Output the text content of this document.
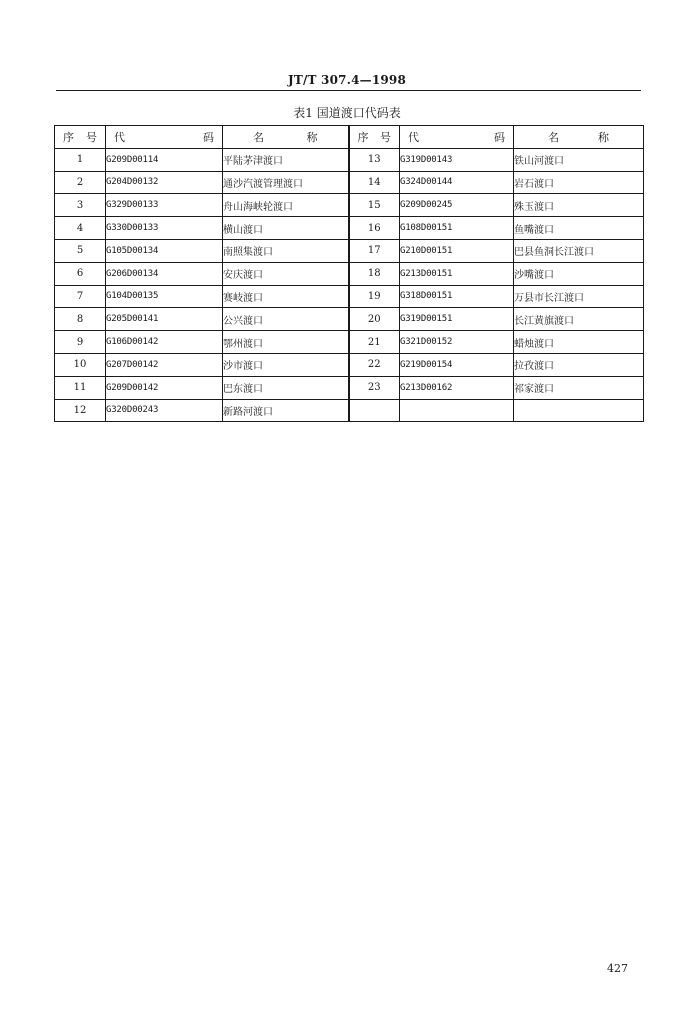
JT/T 307.4—1998
表1 国道渡口代码表
序 号	代 码	名 称	序 号	代 码	名 称

1	G209D00114	平陆茅津渡口	13	G319D00143	铁山河渡口
2	G204D00132	通沙汽渡管理渡口	14	G324D00144	岩石渡口
3	G329D00133	舟山海峡轮渡口	15	G209D00245	殊玉渡口
4	G330D00133	横山渡口	16	G108D00151	鱼嘴渡口
5	G105D00134	南照集渡口	17	G210D00151	巴县鱼洞长江渡口
6	G206D00134	安庆渡口	18	G213D00151	沙嘴渡口
7	G104D00135	赛岐渡口	19	G318D00151	万县市长江渡口
8	G205D00141	公兴渡口	20	G319D00151	长江黄旗渡口
9	G106D00142	鄂州渡口	21	G321D00152	蜡烛渡口
10	G207D00142	沙市渡口	22	G219D00154	拉孜渡口
11	G209D00142	巴东渡口	23	G213D00162	祁家渡口
12	G320D00243	新路河渡口			
427
